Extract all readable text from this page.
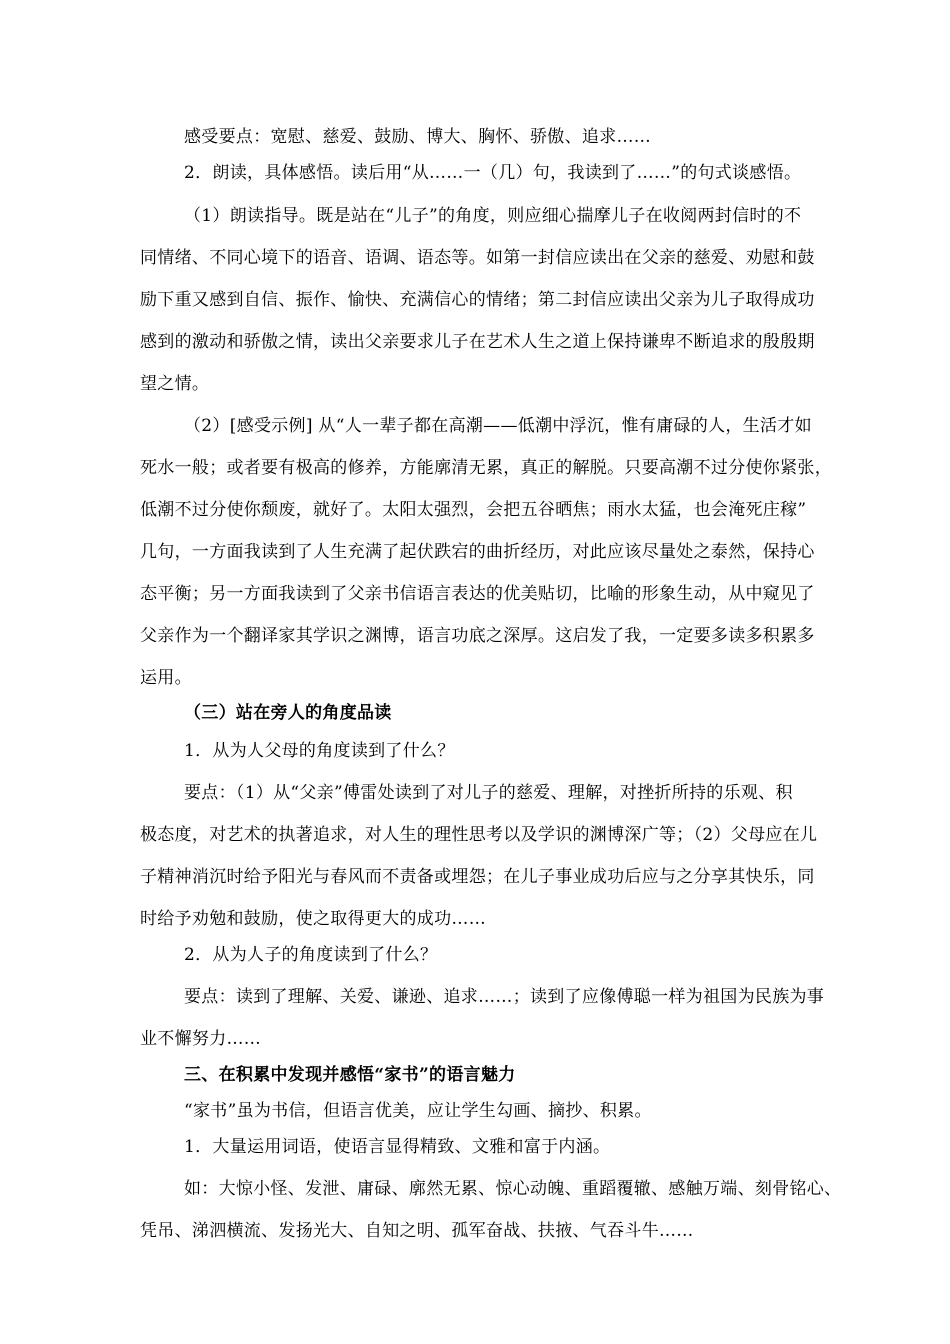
感受要点：宽慰、慈爱、鼓励、博大、胸怀、骄傲、追求……
2．朗读，具体感悟。读后用“从……一（几）句，我读到了……”的句式谈感悟。
（1）朗读指导。既是站在“儿子”的角度，则应细心揣摩儿子在收阅两封信时的不
同情绪、不同心境下的语音、语调、语态等。如第一封信应读出在父亲的慈爱、劝慰和鼓
励下重又感到自信、振作、愉快、充满信心的情绪；第二封信应读出父亲为儿子取得成功
感到的激动和骄傲之情，读出父亲要求儿子在艺术人生之道上保持谦卑不断追求的殷殷期
望之情。
（2）[感受示例] 从“人一辈子都在高潮——低潮中浮沉，惟有庸碌的人，生活才如
死水一般；或者要有极高的修养，方能廓清无累，真正的解脱。只要高潮不过分使你紧张，
低潮不过分使你颓废，就好了。太阳太强烈，会把五谷晒焦；雨水太猛，也会淹死庄稼”
几句，一方面我读到了人生充满了起伏跌宕的曲折经历，对此应该尽量处之泰然，保持心
态平衡；另一方面我读到了父亲书信语言表达的优美贴切，比喻的形象生动，从中窥见了
父亲作为一个翻译家其学识之渊博，语言功底之深厚。这启发了我，一定要多读多积累多
运用。
（三）站在旁人的角度品读
1．从为人父母的角度读到了什么？
要点：（1）从“父亲”傅雷处读到了对儿子的慈爱、理解，对挫折所持的乐观、积
极态度，对艺术的执著追求，对人生的理性思考以及学识的渊博深广等；（2）父母应在儿
子精神消沉时给予阳光与春风而不责备或埋怨；在儿子事业成功后应与之分享其快乐，同
时给予劝勉和鼓励，使之取得更大的成功……
2．从为人子的角度读到了什么？
要点：读到了理解、关爱、谦逊、追求……；读到了应像傅聪一样为祖国为民族为事
业不懈努力……
三、在积累中发现并感悟“家书”的语言魅力
“家书”虽为书信，但语言优美，应让学生勾画、摘抄、积累。
1．大量运用词语，使语言显得精致、文雅和富于内涵。
如：大惊小怪、发泄、庸碌、廓然无累、惊心动魄、重蹈覆辙、感触万端、刻骨铭心、
凭吊、涕泗横流、发扬光大、自知之明、孤军奋战、扶掖、气吞斗牛……
